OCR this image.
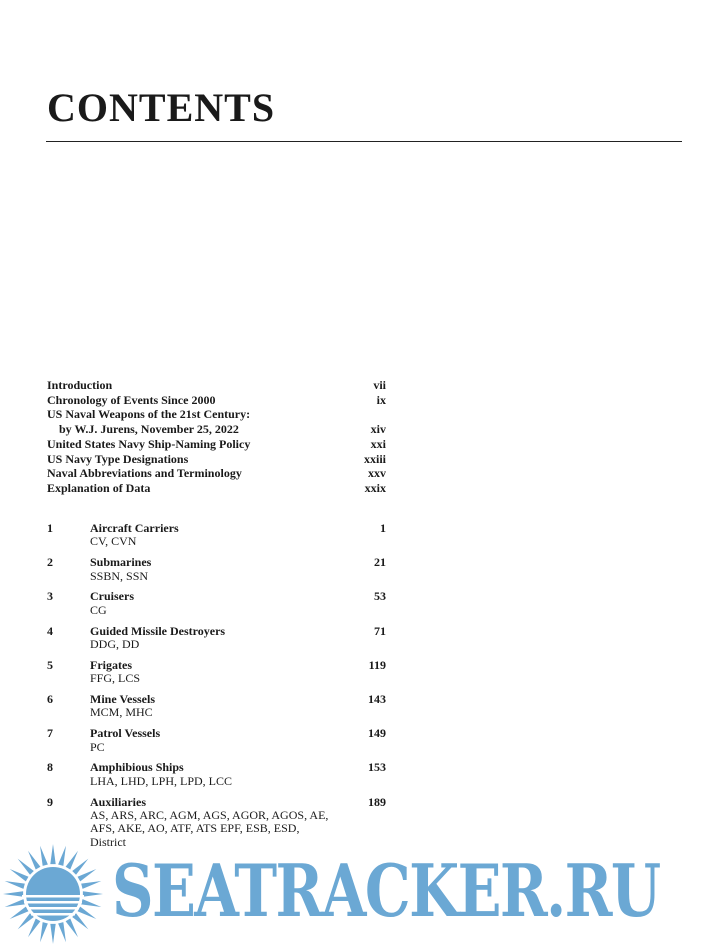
CONTENTS
Introduction	vii
Chronology of Events Since 2000	ix
US Naval Weapons of the 21st Century:
by W.J. Jurens, November 25, 2022	xiv
United States Navy Ship-Naming Policy	xxi
US Navy Type Designations	xxiii
Naval Abbreviations and Terminology	xxv
Explanation of Data	xxix
1	Aircraft Carriers	1
CV, CVN
2	Submarines	21
SSBN, SSN
3	Cruisers	53
CG
4	Guided Missile Destroyers	71
DDG, DD
5	Frigates	119
FFG, LCS
6	Mine Vessels	143
MCM, MHC
7	Patrol Vessels	149
PC
8	Amphibious Ships	153
LHA, LHD, LPH, LPD, LCC
9	Auxiliaries	189
AS, ARS, ARC, AGM, AGS, AGOR, AGOS, AE, AFS, AKE, AO, ATF, ATS EPF, ESB, ESD, District
SEATRACKER.RU
